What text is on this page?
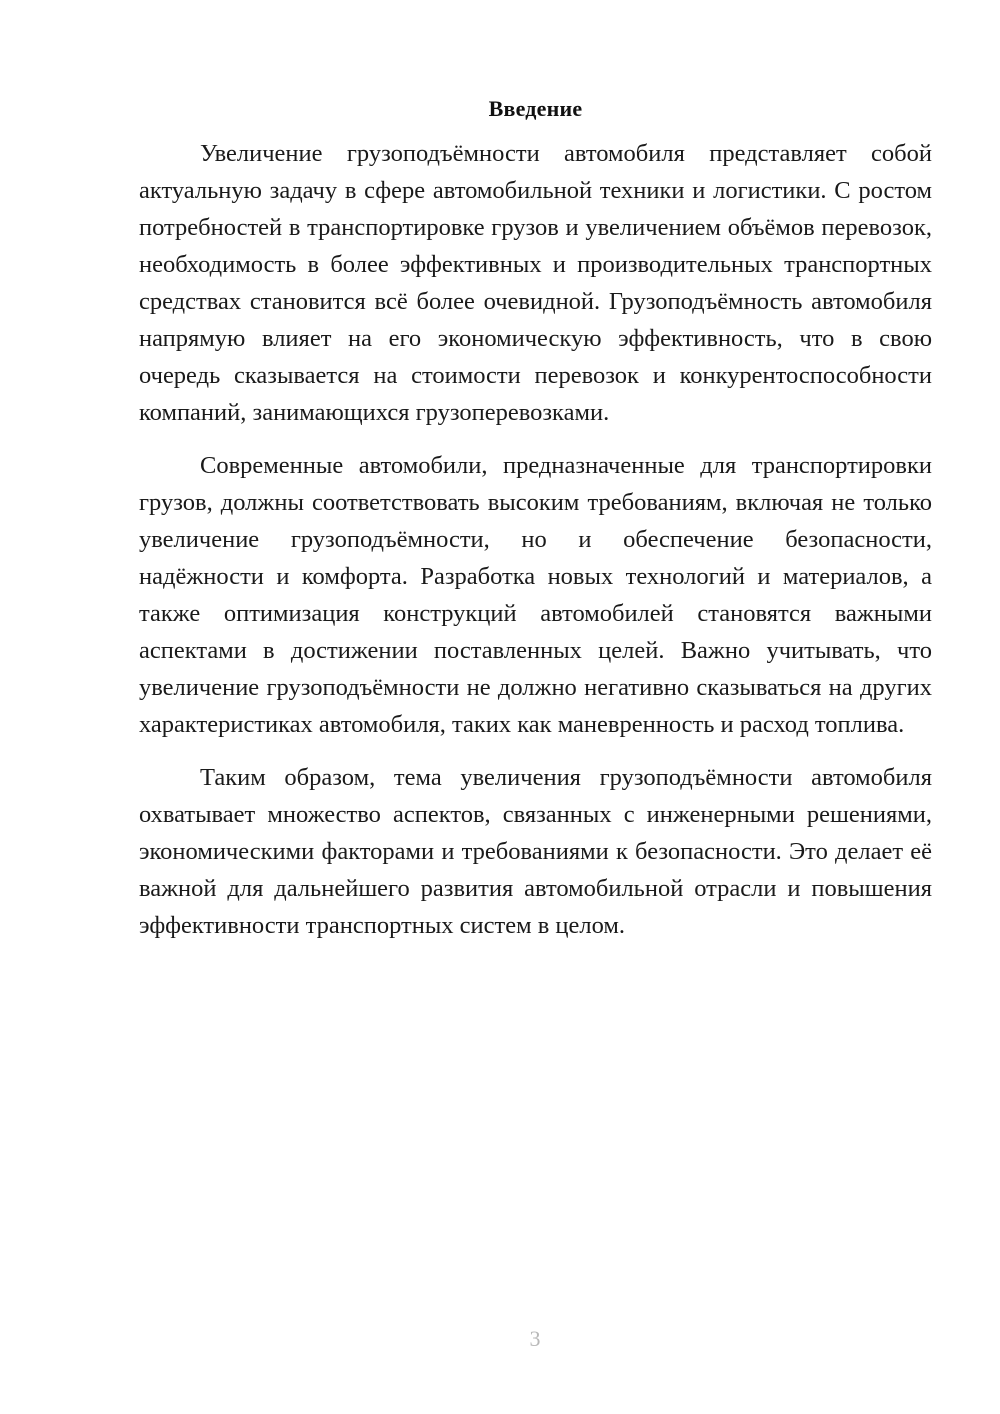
Введение

Увеличение грузоподъёмности автомобиля представляет собой актуальную задачу в сфере автомобильной техники и логистики. С ростом потребностей в транспортировке грузов и увеличением объёмов перевозок, необходимость в более эффективных и производительных транспортных средствах становится всё более очевидной. Грузоподъёмность автомобиля напрямую влияет на его экономическую эффективность, что в свою очередь сказывается на стоимости перевозок и конкурентоспособности компаний, занимающихся грузоперевозками.

Современные автомобили, предназначенные для транспортировки грузов, должны соответствовать высоким требованиям, включая не только увеличение грузоподъёмности, но и обеспечение безопасности, надёжности и комфорта. Разработка новых технологий и материалов, а также оптимизация конструкций автомобилей становятся важными аспектами в достижении поставленных целей. Важно учитывать, что увеличение грузоподъёмности не должно негативно сказываться на других характеристиках автомобиля, таких как маневренность и расход топлива.

Таким образом, тема увеличения грузоподъёмности автомобиля охватывает множество аспектов, связанных с инженерными решениями, экономическими факторами и требованиями к безопасности. Это делает её важной для дальнейшего развития автомобильной отрасли и повышения эффективности транспортных систем в целом.

3
